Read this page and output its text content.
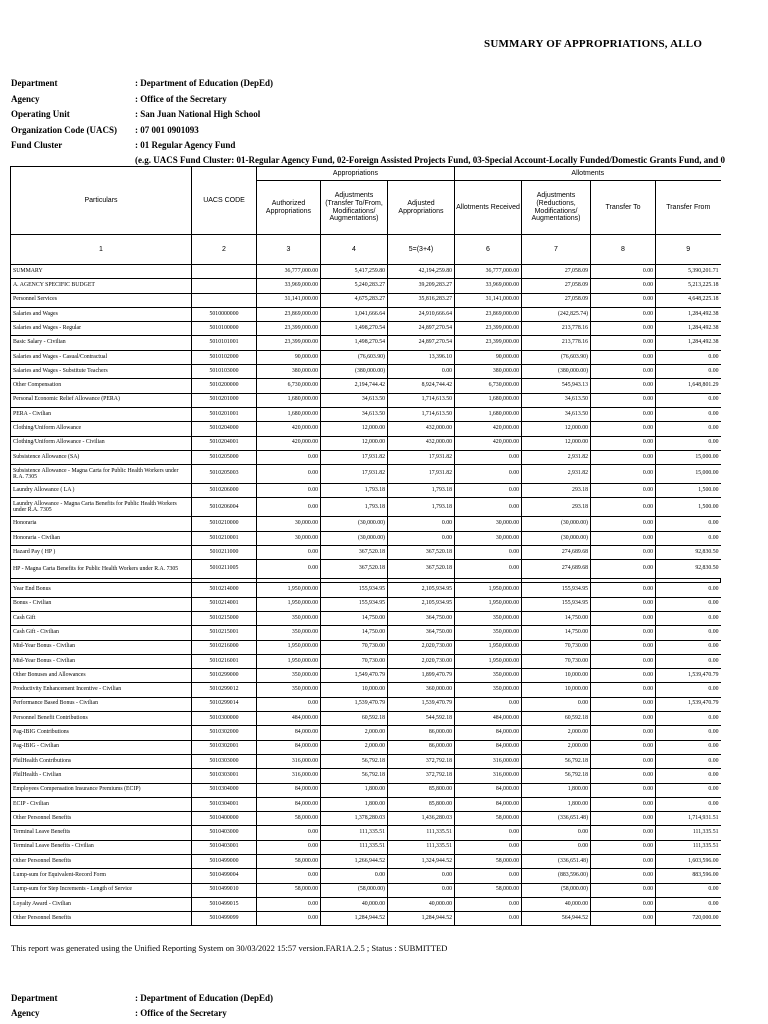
SUMMARY OF APPROPRIATIONS, ALLO
Department	: Department of Education (DepEd)
Agency	: Office of the Secretary
Operating Unit	: San Juan National High School
Organization Code (UACS) : 07 001 0901093
Fund Cluster	: 01 Regular Agency Fund
(e.g. UACS Fund Cluster: 01-Regular Agency Fund, 02-Foreign Assisted Projects Fund, 03-Special Account-Locally Funded/Domestic Grants Fund, and 0
Particulars	UACS CODE	Appropriations			Allotments			
		Authorized Appropriations	Adjustments (Transfer To/From, Modifications/ Augmentations)	Adjusted Appropriations	Allotments Received	Adjustments (Reductions, Modifications/ Augmentations)	Transfer To	Transfer From
1	2	3	4	5=(3+4)	6	7	8	9
SUMMARY		36,777,000.00	5,417,259.80	42,194,259.80	36,777,000.00	27,058.09	0.00	5,390,201.71
A. AGENCY SPECIFIC BUDGET		33,969,000.00	5,240,283.27	39,209,283.27	33,969,000.00	27,058.09	0.00	5,213,225.18
Personnel Services		31,141,000.00	4,675,283.27	35,816,283.27	31,141,000.00	27,058.09	0.00	4,648,225.18
Salaries and Wages	5010000000	23,869,000.00	1,041,666.64	24,910,666.64	23,869,000.00	(242,825.74)	0.00	1,284,492.38
Salaries and Wages - Regular	5010100000	23,399,000.00	1,498,270.54	24,897,270.54	23,399,000.00	213,778.16	0.00	1,284,492.38
Basic Salary - Civilian	5010101001	23,399,000.00	1,498,270.54	24,897,270.54	23,399,000.00	213,778.16	0.00	1,284,492.38
Salaries and Wages - Casual/Contractual	5010102000	90,000.00	(76,603.90)	13,396.10	90,000.00	(76,603.90)	0.00	0.00
Salaries and Wages - Substitute Teachers	5010103000	380,000.00	(380,000.00)	0.00	380,000.00	(380,000.00)	0.00	0.00
Other Compensation	5010200000	6,730,000.00	2,194,744.42	8,924,744.42	6,730,000.00	545,943.13	0.00	1,648,801.29
Personal Economic Relief Allowance (PERA)	5010201000	1,680,000.00	34,613.50	1,714,613.50	1,680,000.00	34,613.50	0.00	0.00
PERA - Civilian	5010201001	1,680,000.00	34,613.50	1,714,613.50	1,680,000.00	34,613.50	0.00	0.00
Clothing/Uniform Allowance	5010204000	420,000.00	12,000.00	432,000.00	420,000.00	12,000.00	0.00	0.00
Clothing/Uniform Allowance - Civilian	5010204001	420,000.00	12,000.00	432,000.00	420,000.00	12,000.00	0.00	0.00
Subsistence Allowance (SA)	5010205000	0.00	17,931.82	17,931.82	0.00	2,931.82	0.00	15,000.00
Subsistence Allowance - Magna Carta for Public Health Workers under R.A. 7305	5010205003	0.00	17,931.82	17,931.82	0.00	2,931.82	0.00	15,000.00
Laundry Allowance ( LA )	5010206000	0.00	1,793.18	1,793.18	0.00	293.18	0.00	1,500.00
Laundry Allowance - Magna Carta Benefits for Public Health Workers under R.A. 7305	5010206004	0.00	1,793.18	1,793.18	0.00	293.18	0.00	1,500.00
Honoraria	5010210000	30,000.00	(30,000.00)	0.00	30,000.00	(30,000.00)	0.00	0.00
Honoraria - Civilian	5010210001	30,000.00	(30,000.00)	0.00	30,000.00	(30,000.00)	0.00	0.00
Hazard Pay ( HP )	5010211000	0.00	367,520.18	367,520.18	0.00	274,689.68	0.00	92,830.50
HP - Magna Carta Benefits for Public Health Workers under R.A. 7305	5010211005	0.00	367,520.18	367,520.18	0.00	274,689.68	0.00	92,830.50

Year End Bonus	5010214000	1,950,000.00	155,934.95	2,105,934.95	1,950,000.00	155,934.95	0.00	0.00
Bonus - Civilian	5010214001	1,950,000.00	155,934.95	2,105,934.95	1,950,000.00	155,934.95	0.00	0.00
Cash Gift	5010215000	350,000.00	14,750.00	364,750.00	350,000.00	14,750.00	0.00	0.00
Cash Gift - Civilian	5010215001	350,000.00	14,750.00	364,750.00	350,000.00	14,750.00	0.00	0.00
Mid-Year Bonus - Civilian	5010216000	1,950,000.00	70,730.00	2,020,730.00	1,950,000.00	70,730.00	0.00	0.00
Mid-Year Bonus - Civilian	5010216001	1,950,000.00	70,730.00	2,020,730.00	1,950,000.00	70,730.00	0.00	0.00
Other Bonuses and Allowances	5010299000	350,000.00	1,549,470.79	1,899,470.79	350,000.00	10,000.00	0.00	1,539,470.79
Productivity Enhancement Incentive - Civilian	5010299012	350,000.00	10,000.00	360,000.00	350,000.00	10,000.00	0.00	0.00
Performance Based Bonus - Civilian	5010299014	0.00	1,539,470.79	1,539,470.79	0.00	0.00	0.00	1,539,470.79
Personnel Benefit Contributions	5010300000	484,000.00	60,592.18	544,592.18	484,000.00	60,592.18	0.00	0.00
Pag-IBIG Contributions	5010302000	84,000.00	2,000.00	86,000.00	84,000.00	2,000.00	0.00	0.00
Pag-IBIG - Civilian	5010302001	84,000.00	2,000.00	86,000.00	84,000.00	2,000.00	0.00	0.00
PhilHealth Contributions	5010303000	316,000.00	56,792.18	372,792.18	316,000.00	56,792.18	0.00	0.00
PhilHealth - Civilian	5010303001	316,000.00	56,792.18	372,792.18	316,000.00	56,792.18	0.00	0.00
Employees Compensation Insurance Premiums (ECIP)	5010304000	84,000.00	1,800.00	85,800.00	84,000.00	1,800.00	0.00	0.00
ECIP - Civilian	5010304001	84,000.00	1,800.00	85,800.00	84,000.00	1,800.00	0.00	0.00
Other Personnel Benefits	5010400000	58,000.00	1,378,280.03	1,436,280.03	58,000.00	(336,651.48)	0.00	1,714,931.51
Terminal Leave Benefits	5010403000	0.00	111,335.51	111,335.51	0.00	0.00	0.00	111,335.51
Terminal Leave Benefits - Civilian	5010403001	0.00	111,335.51	111,335.51	0.00	0.00	0.00	111,335.51
Other Personnel Benefits	5010499000	58,000.00	1,266,944.52	1,324,944.52	58,000.00	(336,651.48)	0.00	1,603,596.00
Lump-sum for Equivalent-Record Form	5010499004	0.00	0.00	0.00	0.00	(883,596.00)	0.00	883,596.00
Lump-sum for Step Increments - Length of Service	5010499010	58,000.00	(58,000.00)	0.00	58,000.00	(58,000.00)	0.00	0.00
Loyalty Award - Civilian	5010499015	0.00	40,000.00	40,000.00	0.00	40,000.00	0.00	0.00
Other Personnel Benefits	5010499099	0.00	1,284,944.52	1,284,944.52	0.00	564,944.52	0.00	720,000.00
This report was generated using the Unified Reporting System on 30/03/2022 15:57 version.FAR1A.2.5 ; Status : SUBMITTED
Department	: Department of Education (DepEd)
Agency	: Office of the Secretary
